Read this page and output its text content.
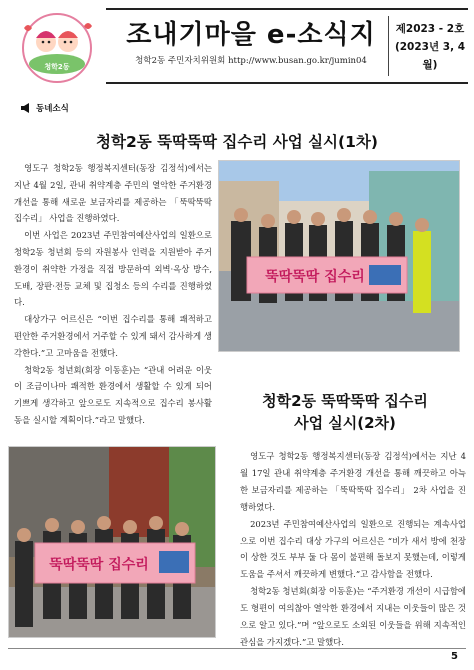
청학2동
조내기마을 e-소식지
청학2동 주민자치위원회 http://www.busan.go.kr/jumin04
제2023 - 2호
(2023년 3, 4월)
동네소식
청학2동 뚝딱뚝딱 집수리 사업 실시(1차)

영도구 청학2동 행정복지센터(동장 김정석)에서는 지난 4월 2일, 관내 취약계층 주민의 열악한 주거환경 개선을 통해 새로운 보금자리를 제공하는 「뚝딱뚝딱 집수리」 사업을 진행하였다.

이번 사업은 2023년 주민참여예산사업의 일환으로 청학2동 청년회 등의 자원봉사 인력을 지원받아 주거환경이 취약한 가정을 직접 방문하여 외벽·옥상 방수, 도배, 장판·전등 교체 및 집청소 등의 수리를 진행하였다.

대상가구 어르신은 “이번 집수리를 통해 쾌적하고 편안한 주거환경에서 거주할 수 있게 돼서 감사하게 생각한다.”고 고마움을 전했다.

청학2동 청년회(회장 이동훈)는 “관내 어려운 이웃이 조금이나마 쾌적한 환경에서 생활할 수 있게 되어 기쁘게 생각하고 앞으로도 지속적으로 집수리 봉사활동을 실시할 계획이다.”라고 말했다.

뚝딱뚝딱 집수리
청학2동 뚝딱뚝딱 집수리
사업 실시(2차)
뚝딱뚝딱 집수리

영도구 청학2동 행정복지센터(동장 김정석)에서는 지난 4월 17일 관내 취약계층 주거환경 개선을 통해 깨끗하고 아늑한 보금자리를 제공하는 「뚝딱뚝딱 집수리」 2차 사업을 진행하였다.

2023년 주민참여예산사업의 일환으로 진행되는 계속사업으로 이번 집수리 대상 가구의 어르신은 “비가 새서 방에 천장이 상한 것도 부부 둘 다 몸이 불편해 돌보지 못했는데, 이렇게 도움을 주셔서 깨끗하게 변했다.”고 감사함을 전했다.

청학2동 청년회(회장 이동훈)는 “주거환경 개선이 시급함에도 형편이 여의찮아 열악한 환경에서 지내는 이웃들이 많은 것으로 알고 있다.”며 “앞으로도 소외된 이웃들을 위해 지속적인 관심을 가지겠다.”고 말했다.

5
